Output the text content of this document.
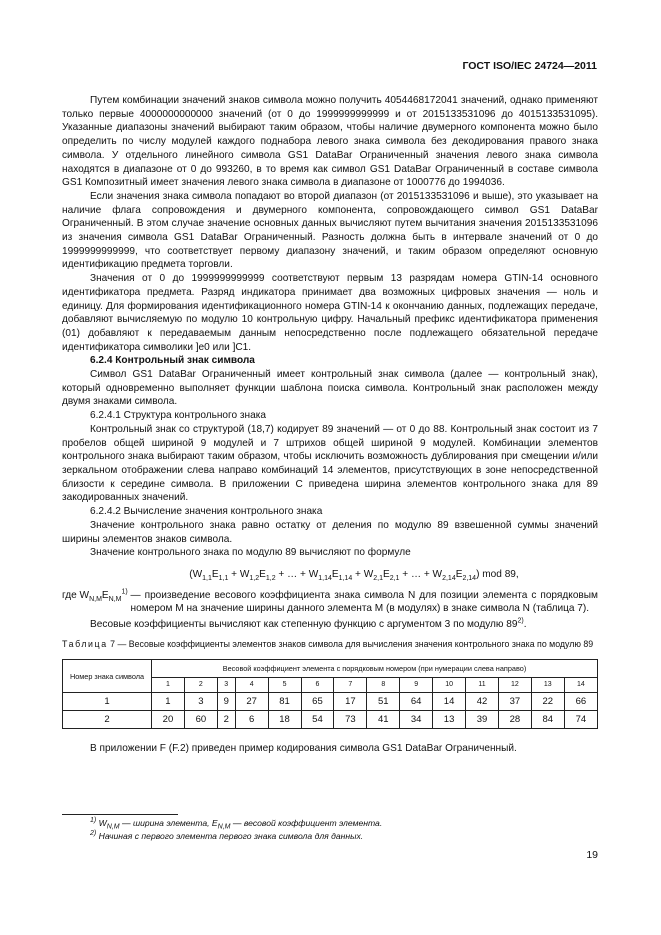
ГОСТ ISO/IEC 24724—2011

Путем комбинации значений знаков символа можно получить 4054468172041 значений, однако применяют только первые 4000000000000 значений (от 0 до 1999999999999 и от 2015133531096 до 4015133531095). Указанные диапазоны значений выбирают таким образом, чтобы наличие двумерного компонента можно было определить по числу модулей каждого поднабора левого знака символа без декодирования правого знака символа. У отдельного линейного символа GS1 DataBar Ограниченный значения левого знака символа находятся в диапазоне от 0 до 993260, в то время как символ GS1 DataBar Ограниченный в составе символа GS1 Композитный имеет значения левого знака символа в диапазоне от 1000776 до 1994036.

Если значения знака символа попадают во второй диапазон (от 2015133531096 и выше), это указывает на наличие флага сопровождения и двумерного компонента, сопровождающего символ GS1 DataBar Ограниченный. В этом случае значение основных данных вычисляют путем вычитания значения 2015133531096 из значения символа GS1 DataBar Ограниченный. Разность должна быть в интервале значений от 0 до 1999999999999, что соответствует первому диапазону значений, и таким образом определяют основную идентификацию предмета торговли.

Значения от 0 до 1999999999999 соответствуют первым 13 разрядам номера GTIN-14 основного идентификатора предмета. Разряд индикатора принимает два возможных цифровых значения — ноль и единицу. Для формирования идентификационного номера GTIN-14 к окончанию данных, подлежащих передаче, добавляют вычисляемую по модулю 10 контрольную цифру. Начальный префикс идентификатора применения (01) добавляют к передаваемым данным непосредственно после подлежащего обязательной передаче идентификатора символики ]e0 или ]C1.

6.2.4 Контрольный знак символа

Символ GS1 DataBar Ограниченный имеет контрольный знак символа (далее — контрольный знак), который одновременно выполняет функции шаблона поиска символа. Контрольный знак расположен между двумя знаками символа.

6.2.4.1 Структура контрольного знака

Контрольный знак со структурой (18,7) кодирует 89 значений — от 0 до 88. Контрольный знак состоит из 7 пробелов общей шириной 9 модулей и 7 штрихов общей шириной 9 модулей. Комбинации элементов контрольного знака выбирают таким образом, чтобы исключить возможность дублирования при смещении и/или зеркальном отображении слева направо комбинаций 14 элементов, присутствующих в зоне непосредственной близости к середине символа. В приложении С приведена ширина элементов контрольного знака для 89 закодированных значений.

6.2.4.2 Вычисление значения контрольного знака

Значение контрольного знака равно остатку от деления по модулю 89 взвешенной суммы значений ширины элементов знаков символа.

Значение контрольного знака по модулю 89 вычисляют по формуле

($W_{1,1}E_{1,1} + W_{1,2}E_{1,2}$ + … + $W_{1,14}E_{1,14} + W_{2,1}E_{2,1}$ + … + $W_{2,14}E_{2,14}$) mod 89,
где $W_{N,M}E_{N,M}^{1)}$ — произведение весового коэффициента знака символа N для позиции элемента с порядковым номером M на значение ширины данного элемента M (в модулях) в знаке символа N (таблица 7).

Весовые коэффициенты вычисляют как степенную функцию с аргументом 3 по модулю 89$^{2)}$.

Таблица 7 — Весовые коэффициенты элементов знаков символа для вычисления значения контрольного знака по модулю 89
Номер знака символа	Весовой коэффициент элемента с порядковым номером (при нумерации слева направо)													
	1	2	3	4	5	6	7	8	9	10	11	12	13	14
1	1	3	9	27	81	65	17	51	64	14	42	37	22	66
2	20	60	2	6	18	54	73	41	34	13	39	28	84	74

В приложении F (F.2) приведен пример кодирования символа GS1 DataBar Ограниченный.

$^{1)}$ $W_{N,M}$ — ширина элемента, $E_{N,M}$ — весовой коэффициент элемента.
$^{2)}$ Начиная с первого элемента первого знака символа для данных.
19
